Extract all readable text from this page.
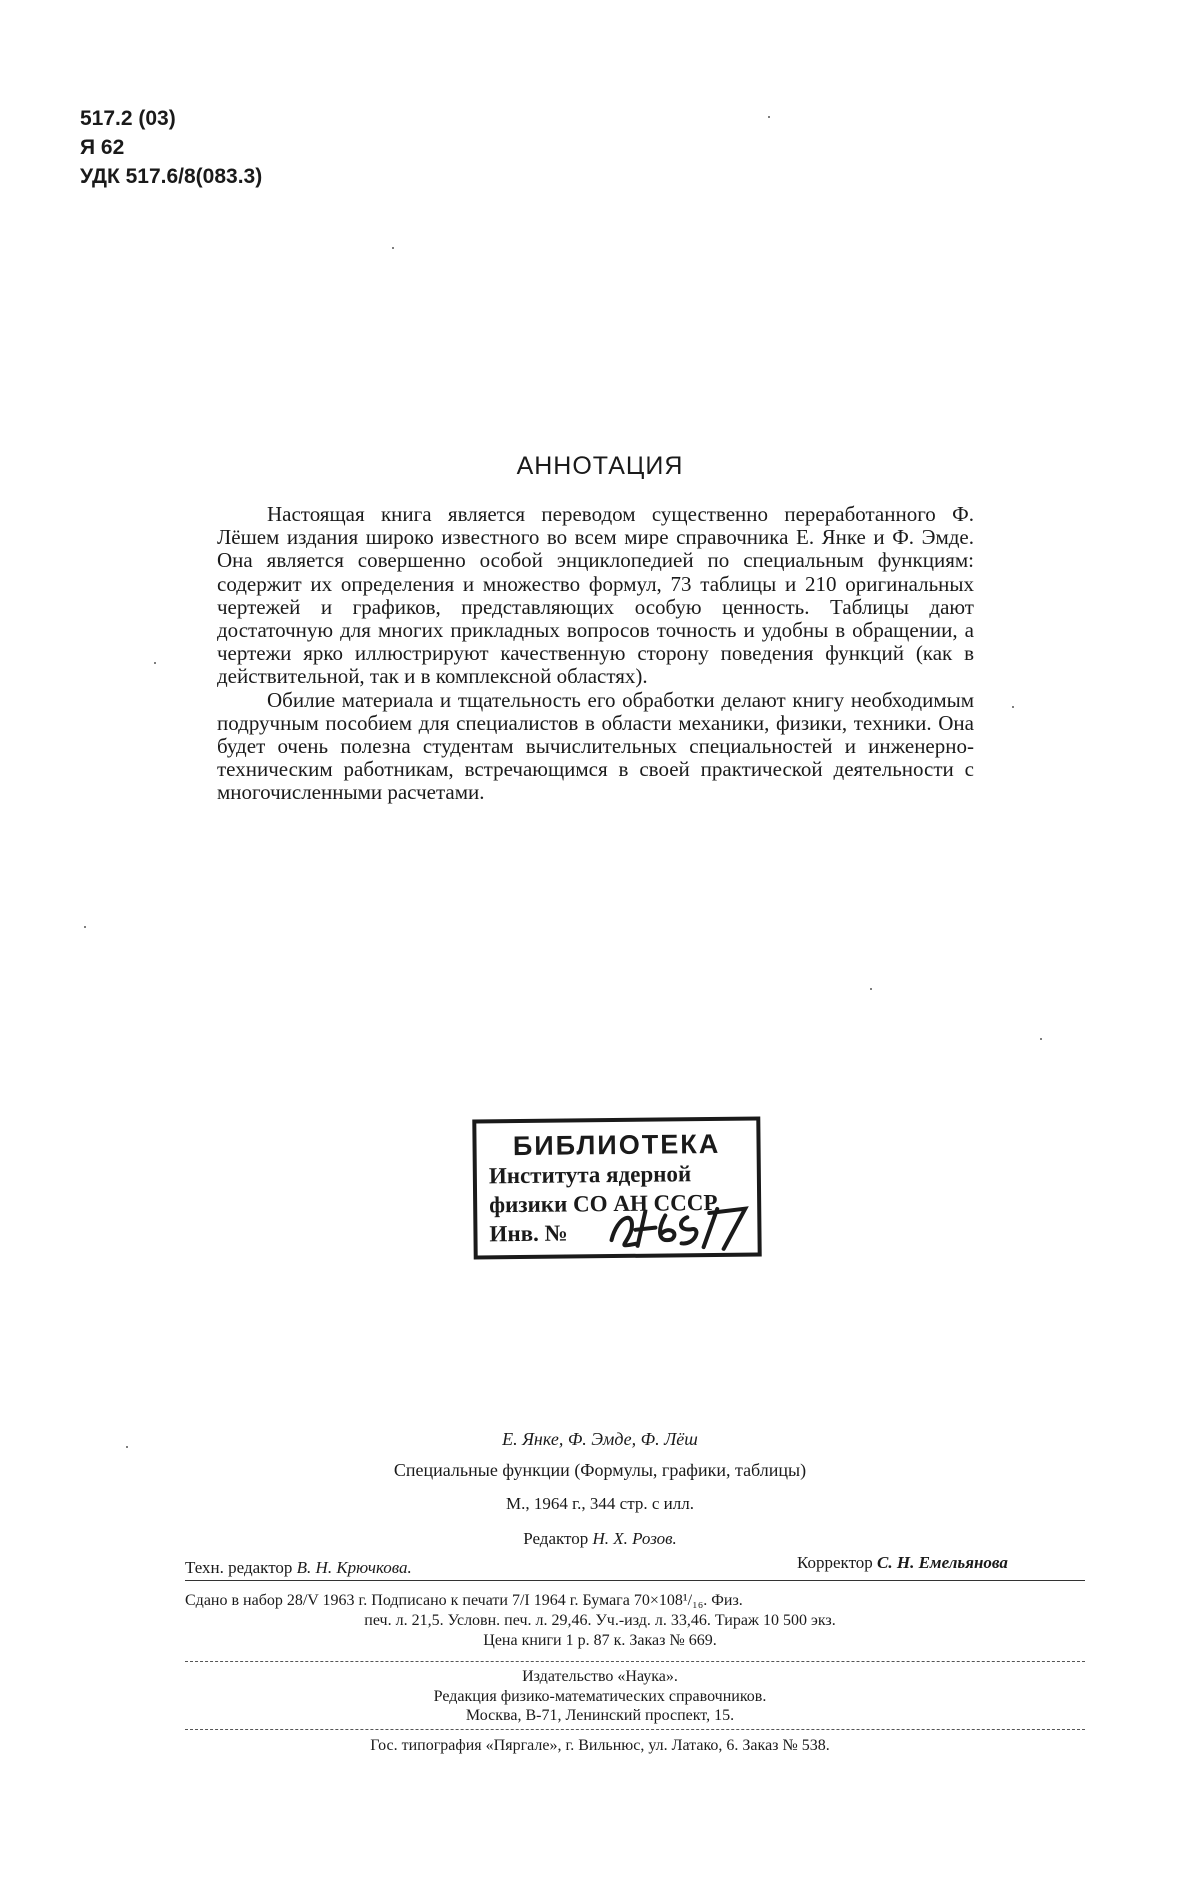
517.2 (03)
Я 62
УДК 517.6/8(083.3)
АННОТАЦИЯ

Настоящая книга является переводом существенно переработанного Ф. Лёшем издания широко известного во всем мире справочника Е. Янке и Ф. Эмде. Она является совершенно особой энциклопедией по специальным функциям: содержит их определения и множество формул, 73 таблицы и 210 оригинальных чертежей и графиков, представляющих особую ценность. Таблицы дают достаточную для многих прикладных вопросов точность и удобны в обращении, а чертежи ярко иллюстрируют качественную сторону поведения функций (как в действительной, так и в комплексной областях).

Обилие материала и тщательность его обработки делают книгу необходимым подручным пособием для специалистов в области механики, физики, техники. Она будет очень полезна студентам вычислительных специальностей и инженерно-техническим работникам, встречающимся в своей практической деятельности с многочисленными расчетами.

БИБЛИОТЕКА
Института ядерной
физики СО АН СССР
Инв. №
Е. Янке, Ф. Эмде, Ф. Лёш
Специальные функции (Формулы, графики, таблицы)
М., 1964 г., 344 стр. с илл.
Редактор Н. Х. Розов.
Техн. редактор В. Н. Крючкова.	Корректор С. Н. Емельянова
Сдано в набор 28/V 1963 г. Подписано к печати 7/I 1964 г. Бумага 70×108¹/₁₆. Физ.
печ. л. 21,5. Условн. печ. л. 29,46. Уч.-изд. л. 33,46. Тираж 10 500 экз.
Цена книги 1 р. 87 к. Заказ № 669.
Издательство «Наука».
Редакция физико-математических справочников.
Москва, В-71, Ленинский проспект, 15.
Гос. типография «Пяргале», г. Вильнюс, ул. Латако, 6. Заказ № 538.
